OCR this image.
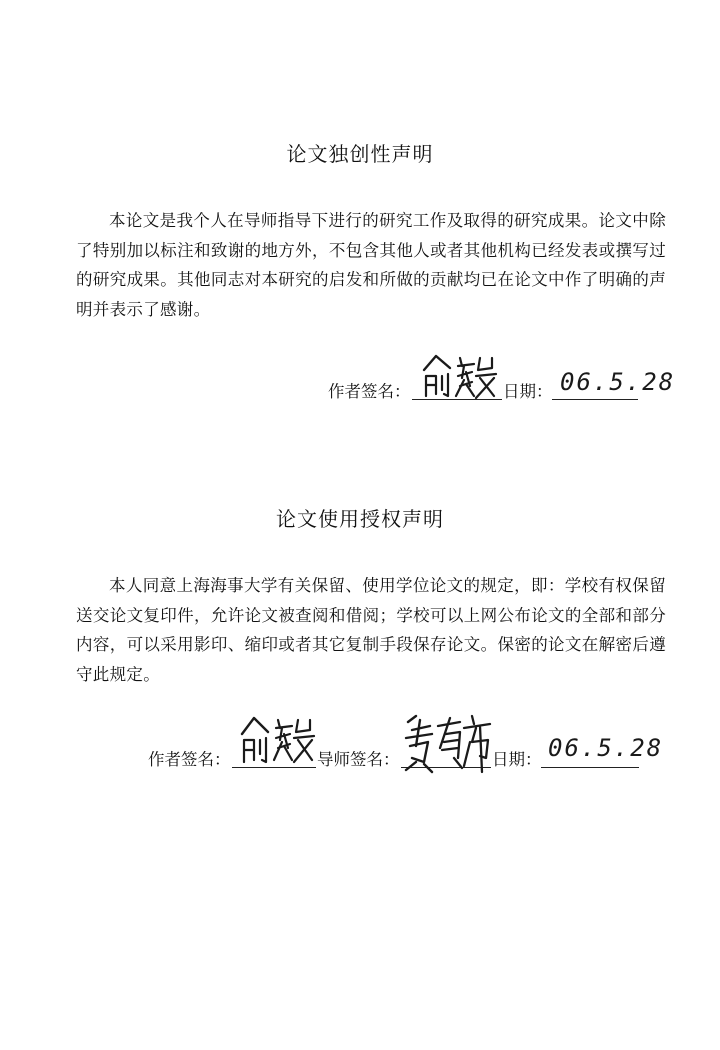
论文独创性声明
本论文是我个人在导师指导下进行的研究工作及取得的研究成果。论文中除了特别加以标注和致谢的地方外，不包含其他人或者其他机构已经发表或撰写过的研究成果。其他同志对本研究的启发和所做的贡献均已在论文中作了明确的声明并表示了感谢。
作者签名：	日期： 06.5.28
论文使用授权声明
本人同意上海海事大学有关保留、使用学位论文的规定，即：学校有权保留送交论文复印件，允许论文被查阅和借阅；学校可以上网公布论文的全部和部分内容，可以采用影印、缩印或者其它复制手段保存论文。保密的论文在解密后遵守此规定。
作者签名：	导师签名：	日期： 06.5.28
